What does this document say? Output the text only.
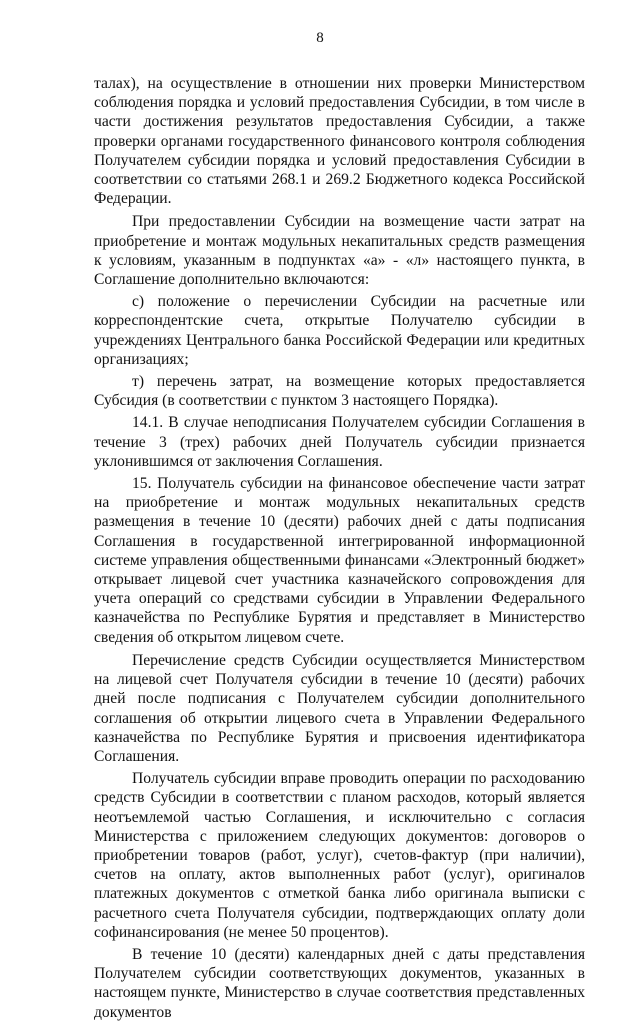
8

талах), на осуществление в отношении них проверки Министерством соблюдения порядка и условий предоставления Субсидии, в том числе в части достижения результатов предоставления Субсидии, а также проверки органами государственного финансового контроля соблюдения Получателем субсидии порядка и условий предоставления Субсидии в соответствии со статьями 268.1 и 269.2 Бюджетного кодекса Российской Федерации.

При предоставлении Субсидии на возмещение части затрат на приобретение и монтаж модульных некапитальных средств размещения к условиям, указанным в подпунктах «а» - «л» настоящего пункта, в Соглашение дополнительно включаются:

с) положение о перечислении Субсидии на расчетные или корреспондентские счета, открытые Получателю субсидии в учреждениях Центрального банка Российской Федерации или кредитных организациях;

т) перечень затрат, на возмещение которых предоставляется Субсидия (в соответствии с пунктом 3 настоящего Порядка).

14.1. В случае неподписания Получателем субсидии Соглашения в течение 3 (трех) рабочих дней Получатель субсидии признается уклонившимся от заключения Соглашения.

15. Получатель субсидии на финансовое обеспечение части затрат на приобретение и монтаж модульных некапитальных средств размещения в течение 10 (десяти) рабочих дней с даты подписания Соглашения в государственной интегрированной информационной системе управления общественными финансами «Электронный бюджет» открывает лицевой счет участника казначейского сопровождения для учета операций со средствами субсидии в Управлении Федерального казначейства по Республике Бурятия и представляет в Министерство сведения об открытом лицевом счете.

Перечисление средств Субсидии осуществляется Министерством на лицевой счет Получателя субсидии в течение 10 (десяти) рабочих дней после подписания с Получателем субсидии дополнительного соглашения об открытии лицевого счета в Управлении Федерального казначейства по Республике Бурятия и присвоения идентификатора Соглашения.

Получатель субсидии вправе проводить операции по расходованию средств Субсидии в соответствии с планом расходов, который является неотъемлемой частью Соглашения, и исключительно с согласия Министерства с приложением следующих документов: договоров о приобретении товаров (работ, услуг), счетов-фактур (при наличии), счетов на оплату, актов выполненных работ (услуг), оригиналов платежных документов с отметкой банка либо оригинала выписки с расчетного счета Получателя субсидии, подтверждающих оплату доли софинансирования (не менее 50 процентов).

В течение 10 (десяти) календарных дней с даты представления Получателем субсидии соответствующих документов, указанных в настоящем пункте, Министерство в случае соответствия представленных документов
